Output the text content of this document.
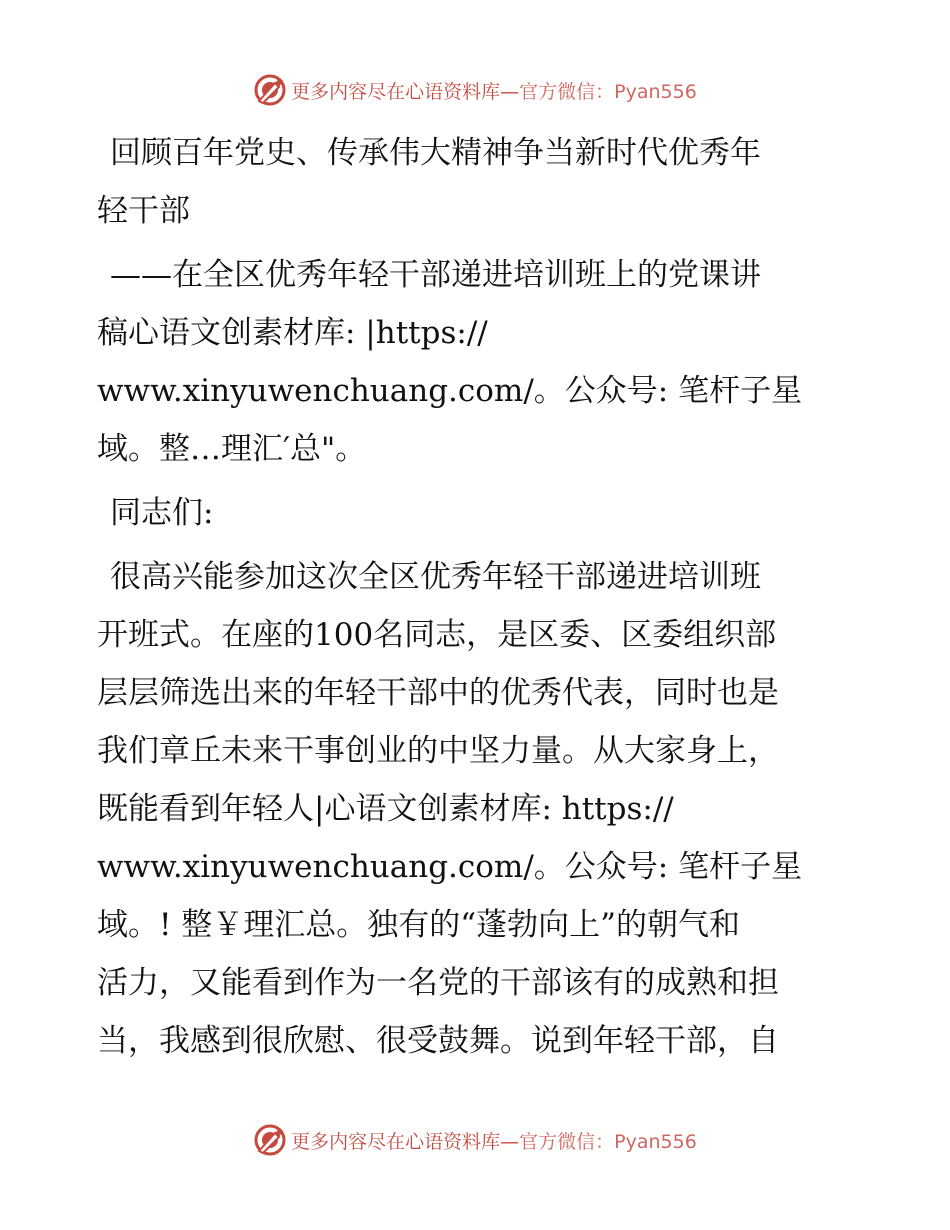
更多内容尽在心语资料库— 官方微信：Pyan556

回顾百年党史、传承伟大精神争当新时代优秀年

轻干部

——在全区优秀年轻干部递进培训班上的党课讲

稿心语文创素材库: |https://

www.xinyuwenchuang.com/。公众号: 笔杆子星

域。整…理汇′总"。

同志们:

很高兴能参加这次全区优秀年轻干部递进培训班

开班式。在座的100名同志，是区委、区委组织部

层层筛选出来的年轻干部中的优秀代表，同时也是

我们章丘未来干事创业的中坚力量。从大家身上，

既能看到年轻人|心语文创素材库: https://

www.xinyuwenchuang.com/。公众号: 笔杆子星

域。! 整￥理汇总。独有的“蓬勃向上”的朝气和

活力，又能看到作为一名党的干部该有的成熟和担

当，我感到很欣慰、很受鼓舞。说到年轻干部，自

更多内容尽在心语资料库— 官方微信：Pyan556
